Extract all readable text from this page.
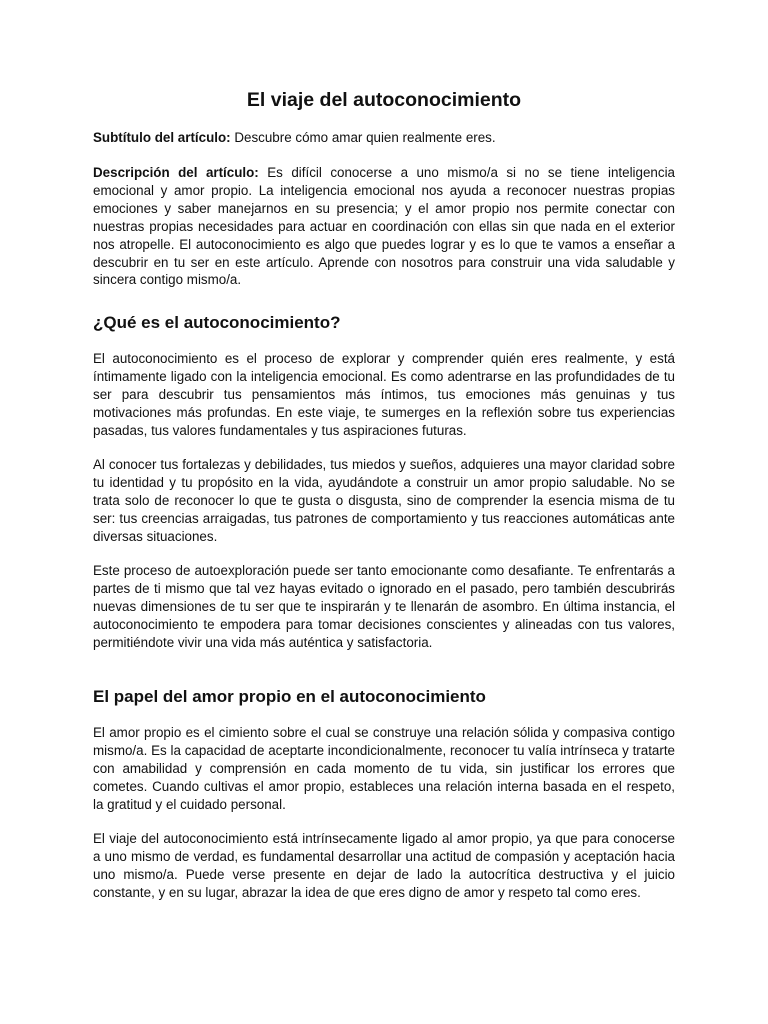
El viaje del autoconocimiento

Subtítulo del artículo: Descubre cómo amar quien realmente eres.

Descripción del artículo: Es difícil conocerse a uno mismo/a si no se tiene inteligencia emocional y amor propio. La inteligencia emocional nos ayuda a reconocer nuestras propias emociones y saber manejarnos en su presencia; y el amor propio nos permite conectar con nuestras propias necesidades para actuar en coordinación con ellas sin que nada en el exterior nos atropelle. El autoconocimiento es algo que puedes lograr y es lo que te vamos a enseñar a descubrir en tu ser en este artículo. Aprende con nosotros para construir una vida saludable y sincera contigo mismo/a.

¿Qué es el autoconocimiento?

El autoconocimiento es el proceso de explorar y comprender quién eres realmente, y está íntimamente ligado con la inteligencia emocional. Es como adentrarse en las profundidades de tu ser para descubrir tus pensamientos más íntimos, tus emociones más genuinas y tus motivaciones más profundas. En este viaje, te sumerges en la reflexión sobre tus experiencias pasadas, tus valores fundamentales y tus aspiraciones futuras.

Al conocer tus fortalezas y debilidades, tus miedos y sueños, adquieres una mayor claridad sobre tu identidad y tu propósito en la vida, ayudándote a construir un amor propio saludable. No se trata solo de reconocer lo que te gusta o disgusta, sino de comprender la esencia misma de tu ser: tus creencias arraigadas, tus patrones de comportamiento y tus reacciones automáticas ante diversas situaciones.

Este proceso de autoexploración puede ser tanto emocionante como desafiante. Te enfrentarás a partes de ti mismo que tal vez hayas evitado o ignorado en el pasado, pero también descubrirás nuevas dimensiones de tu ser que te inspirarán y te llenarán de asombro. En última instancia, el autoconocimiento te empodera para tomar decisiones conscientes y alineadas con tus valores, permitiéndote vivir una vida más auténtica y satisfactoria.

El papel del amor propio en el autoconocimiento

El amor propio es el cimiento sobre el cual se construye una relación sólida y compasiva contigo mismo/a. Es la capacidad de aceptarte incondicionalmente, reconocer tu valía intrínseca y tratarte con amabilidad y comprensión en cada momento de tu vida, sin justificar los errores que cometes. Cuando cultivas el amor propio, estableces una relación interna basada en el respeto, la gratitud y el cuidado personal.

El viaje del autoconocimiento está intrínsecamente ligado al amor propio, ya que para conocerse a uno mismo de verdad, es fundamental desarrollar una actitud de compasión y aceptación hacia uno mismo/a. Puede verse presente en dejar de lado la autocrítica destructiva y el juicio constante, y en su lugar, abrazar la idea de que eres digno de amor y respeto tal como eres.
